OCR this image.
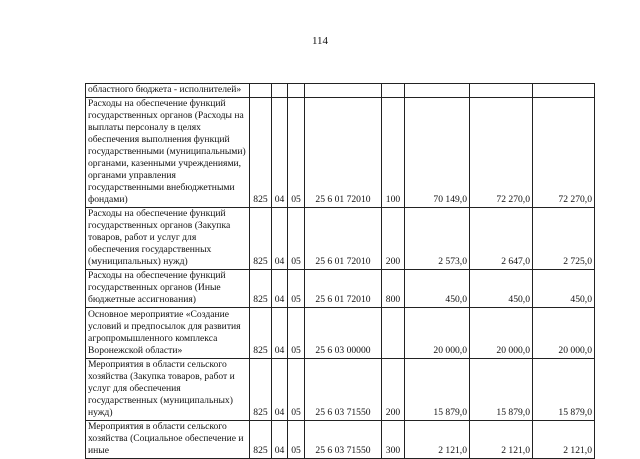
114
областного бюджета - исполнителей»								
Расходы на обеспечение функций государственных органов (Расходы на выплаты персоналу в целях обеспечения выполнения функций государственными (муниципальными) органами, казенными учреждениями, органами управления государственными внебюджетными фондами)	825	04	05	25 6 01 72010	100	70 149,0	72 270,0	72 270,0
Расходы на обеспечение функций государственных органов (Закупка товаров, работ и услуг для обеспечения государственных (муниципальных) нужд)	825	04	05	25 6 01 72010	200	2 573,0	2 647,0	2 725,0
Расходы на обеспечение функций государственных органов (Иные бюджетные ассигнования)	825	04	05	25 6 01 72010	800	450,0	450,0	450,0
Основное мероприятие «Создание условий и предпосылок для развития агропромышленного комплекса Воронежской области»	825	04	05	25 6 03 00000		20 000,0	20 000,0	20 000,0
Мероприятия в области сельского хозяйства (Закупка товаров, работ и услуг для обеспечения государственных (муниципальных) нужд)	825	04	05	25 6 03 71550	200	15 879,0	15 879,0	15 879,0
Мероприятия в области сельского хозяйства (Социальное обеспечение и иные	825	04	05	25 6 03 71550	300	2 121,0	2 121,0	2 121,0
